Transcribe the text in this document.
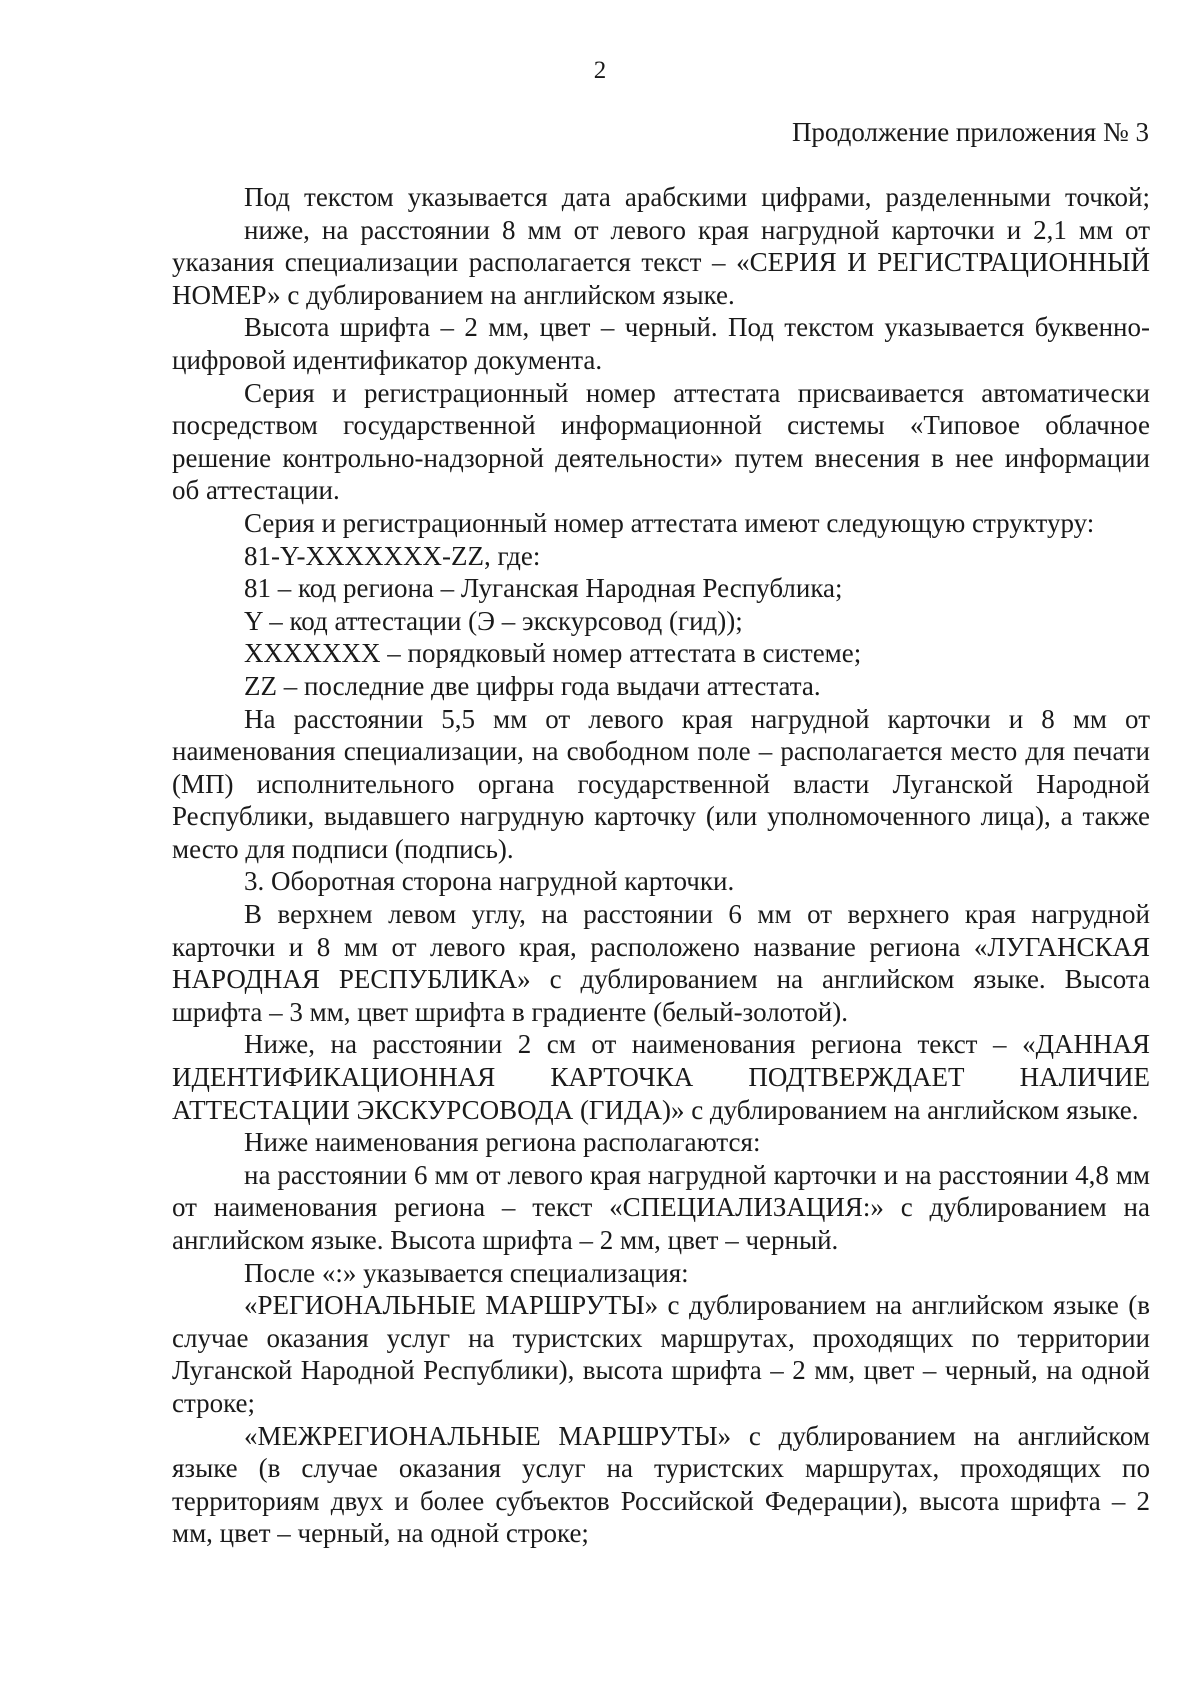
2
Продолжение приложения № 3

Под текстом указывается дата арабскими цифрами, разделенными точкой;

ниже, на расстоянии 8 мм от левого края нагрудной карточки и 2,1 мм от указания специализации располагается текст – «СЕРИЯ И РЕГИСТРАЦИОННЫЙ НОМЕР» с дублированием на английском языке.

Высота шрифта – 2 мм, цвет – черный. Под текстом указывается буквенно-цифровой идентификатор документа.

Серия и регистрационный номер аттестата присваивается автоматически посредством государственной информационной системы «Типовое облачное решение контрольно-надзорной деятельности» путем внесения в нее информации об аттестации.

Серия и регистрационный номер аттестата имеют следующую структуру:

81-Y-XXXXXXX-ZZ, где:

81 – код региона – Луганская Народная Республика;

Y – код аттестации (Э – экскурсовод (гид));

XXXXXXX – порядковый номер аттестата в системе;

ZZ – последние две цифры года выдачи аттестата.

На расстоянии 5,5 мм от левого края нагрудной карточки и 8 мм от наименования специализации, на свободном поле – располагается место для печати (МП) исполнительного органа государственной власти Луганской Народной Республики, выдавшего нагрудную карточку (или уполномоченного лица), а также место для подписи (подпись).

3. Оборотная сторона нагрудной карточки.

В верхнем левом углу, на расстоянии 6 мм от верхнего края нагрудной карточки и 8 мм от левого края, расположено название региона «ЛУГАНСКАЯ НАРОДНАЯ РЕСПУБЛИКА» с дублированием на английском языке. Высота шрифта – 3 мм, цвет шрифта в градиенте (белый-золотой).

Ниже, на расстоянии 2 см от наименования региона текст – «ДАННАЯ ИДЕНТИФИКАЦИОННАЯ КАРТОЧКА ПОДТВЕРЖДАЕТ НАЛИЧИЕ АТТЕСТАЦИИ ЭКСКУРСОВОДА (ГИДА)» с дублированием на английском языке.

Ниже наименования региона располагаются:

на расстоянии 6 мм от левого края нагрудной карточки и на расстоянии 4,8 мм от наименования региона – текст «СПЕЦИАЛИЗАЦИЯ:» с дублированием на английском языке. Высота шрифта – 2 мм, цвет – черный.

После «:» указывается специализация:

«РЕГИОНАЛЬНЫЕ МАРШРУТЫ» с дублированием на английском языке (в случае оказания услуг на туристских маршрутах, проходящих по территории Луганской Народной Республики), высота шрифта – 2 мм, цвет – черный, на одной строке;

«МЕЖРЕГИОНАЛЬНЫЕ МАРШРУТЫ» с дублированием на английском языке (в случае оказания услуг на туристских маршрутах, проходящих по территориям двух и более субъектов Российской Федерации), высота шрифта – 2 мм, цвет – черный, на одной строке;
